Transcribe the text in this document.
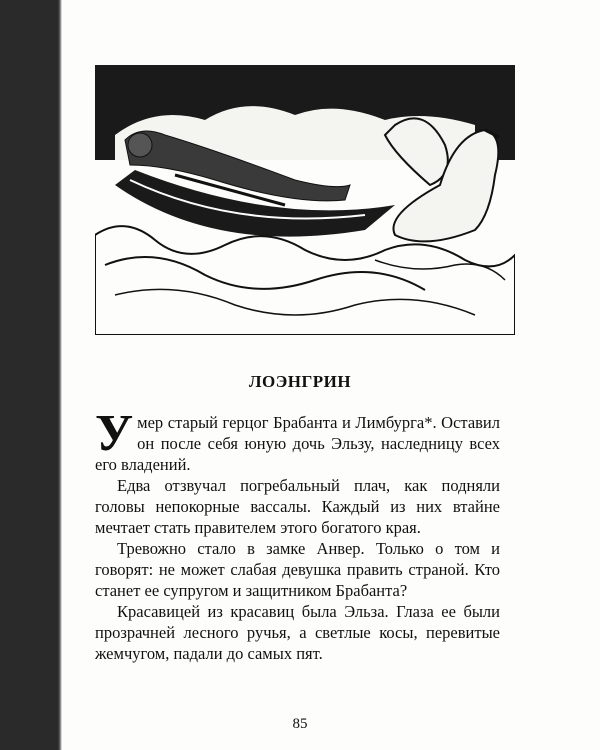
ЛОЭНГРИН

Умер старый герцог Брабанта и Лимбурга*. Оставил он после себя юную дочь Эльзу, наследницу всех его владений.

Едва отзвучал погребальный плач, как подняли головы непокорные вассалы. Каждый из них втайне мечтает стать правителем этого богатого края.

Тревожно стало в замке Анвер. Только о том и говорят: не может слабая девушка править страной. Кто станет ее супругом и защитником Брабанта?

Красавицей из красавиц была Эльза. Глаза ее были прозрачней лесного ручья, а светлые косы, перевитые жемчугом, падали до самых пят.

85
